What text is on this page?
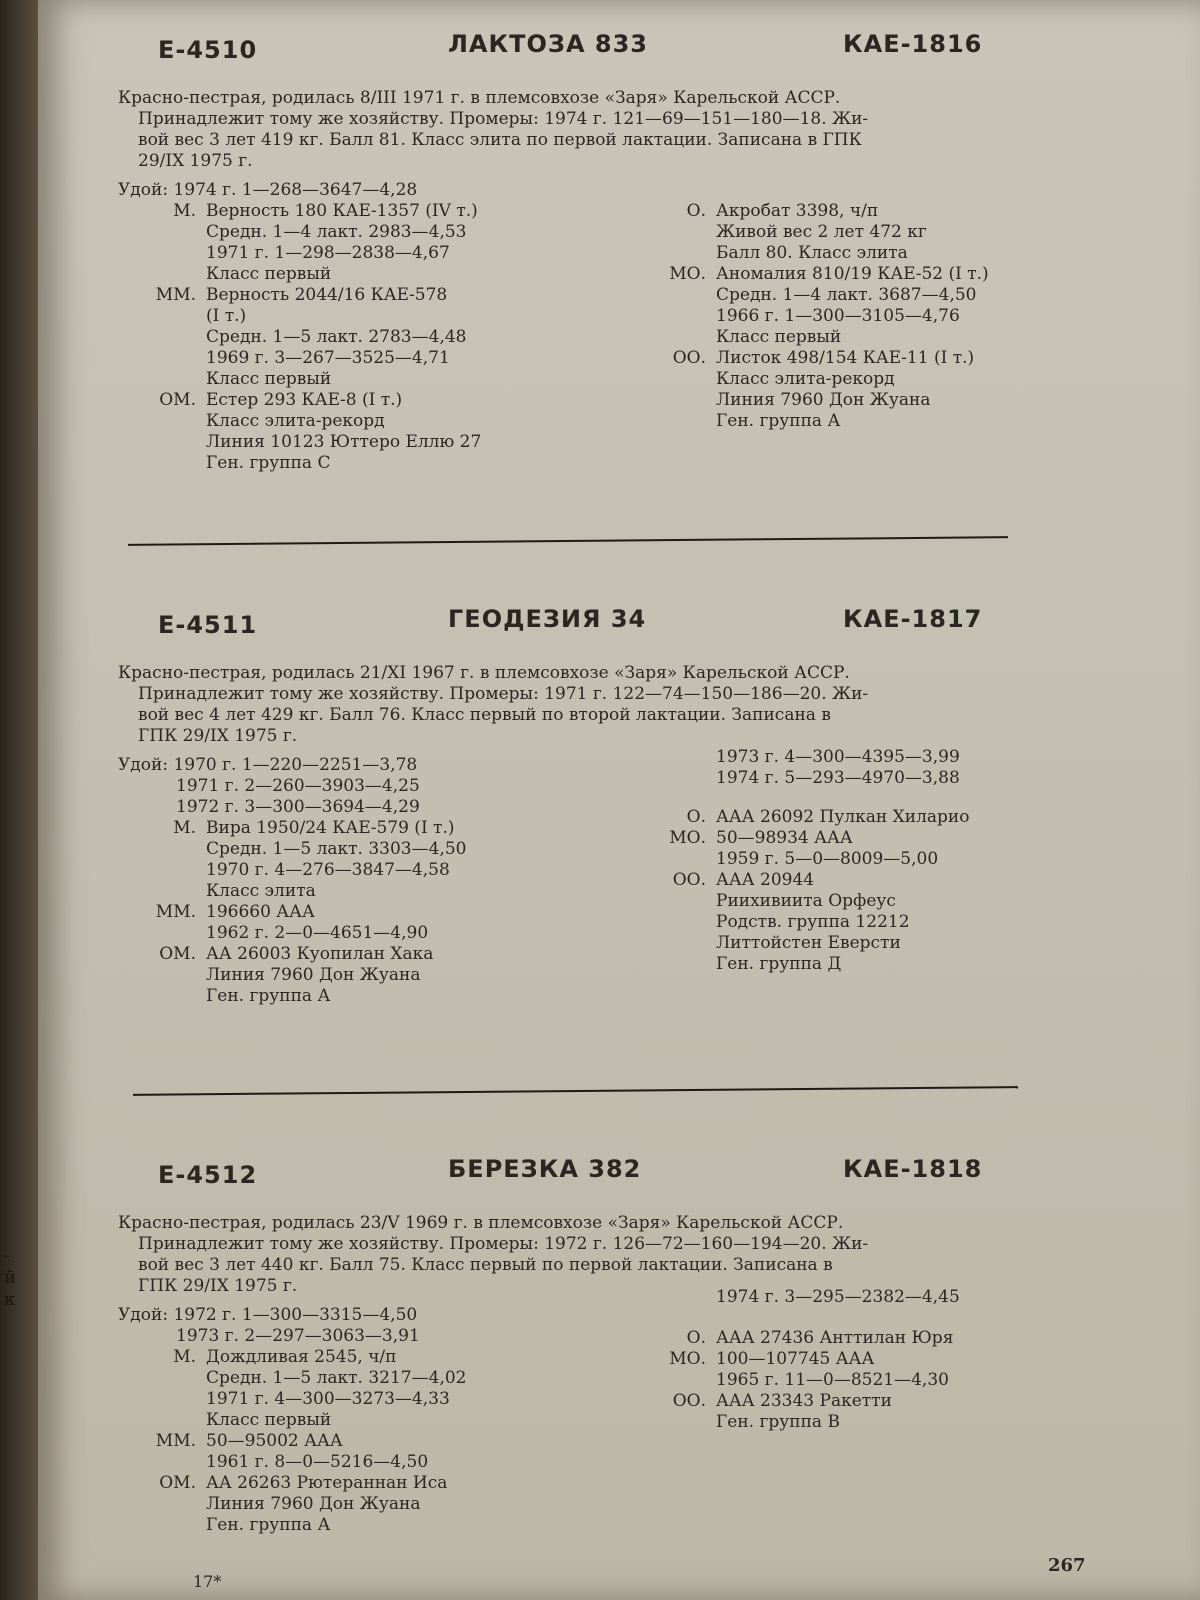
-
й
к
Е-4510	ЛАКТОЗА 833	КАЕ-1816
Красно-пестрая, родилась 8/III 1971 г. в племсовхозе «Заря» Карельской АССР.
Принадлежит тому же хозяйству. Промеры: 1974 г. 121—69—151—180—18. Жи-
вой вес 3 лет 419 кг. Балл 81. Класс элита по первой лактации. Записана в ГПК
29/IX 1975 г.
Удой:
1974 г. 1—268—3647—4,28
М. Верность 180 КАЕ-1357 (IV т.)
Средн. 1—4 лакт. 2983—4,53
1971 г. 1—298—2838—4,67
Класс первый
ММ. Верность 2044/16 КАЕ-578
(I т.)
Средн. 1—5 лакт. 2783—4,48
1969 г. 3—267—3525—4,71
Класс первый
ОМ. Естер 293 КАЕ-8 (I т.)
Класс элита-рекорд
Линия 10123 Юттеро Еллю 27
Ген. группа С
О. Акробат 3398, ч/п
Живой вес 2 лет 472 кг
Балл 80. Класс элита
МО. Аномалия 810/19 КАЕ-52 (I т.)
Средн. 1—4 лакт. 3687—4,50
1966 г. 1—300—3105—4,76
Класс первый
ОО. Листок 498/154 КАЕ-11 (I т.)
Класс элита-рекорд
Линия 7960 Дон Жуана
Ген. группа А
Е-4511	ГЕОДЕЗИЯ 34	КАЕ-1817
Красно-пестрая, родилась 21/XI 1967 г. в племсовхозе «Заря» Карельской АССР.
Принадлежит тому же хозяйству. Промеры: 1971 г. 122—74—150—186—20. Жи-
вой вес 4 лет 429 кг. Балл 76. Класс первый по второй лактации. Записана в
ГПК 29/IX 1975 г.
Удой:
1970 г. 1—220—2251—3,78
1971 г. 2—260—3903—4,25
1972 г. 3—300—3694—4,29
М. Вира 1950/24 КАЕ-579 (I т.)
Средн. 1—5 лакт. 3303—4,50
1970 г. 4—276—3847—4,58
Класс элита
ММ. 196660 ААА
1962 г. 2—0—4651—4,90
ОМ. АА 26003 Куопилан Хака
Линия 7960 Дон Жуана
Ген. группа А
1973 г. 4—300—4395—3,99
1974 г. 5—293—4970—3,88
О. ААА 26092 Пулкан Хиларио
МО. 50—98934 ААА
1959 г. 5—0—8009—5,00
ОО. ААА 20944
Риихивиита Орфеус
Родств. группа 12212
Литтойстен Еверсти
Ген. группа Д
Е-4512	БЕРЕЗКА 382	КАЕ-1818
Красно-пестрая, родилась 23/V 1969 г. в племсовхозе «Заря» Карельской АССР.
Принадлежит тому же хозяйству. Промеры: 1972 г. 126—72—160—194—20. Жи-
вой вес 3 лет 440 кг. Балл 75. Класс первый по первой лактации. Записана в
ГПК 29/IX 1975 г.
Удой:
1972 г. 1—300—3315—4,50
1973 г. 2—297—3063—3,91
М. Дождливая 2545, ч/п
Средн. 1—5 лакт. 3217—4,02
1971 г. 4—300—3273—4,33
Класс первый
ММ. 50—95002 ААА
1961 г. 8—0—5216—4,50
ОМ. АА 26263 Рютераннан Иса
Линия 7960 Дон Жуана
Ген. группа А
1974 г. 3—295—2382—4,45
О. ААА 27436 Анттилан Юря
МО. 100—107745 ААА
1965 г. 11—0—8521—4,30
ОО. ААА 23343 Ракетти
Ген. группа В
17*
267
